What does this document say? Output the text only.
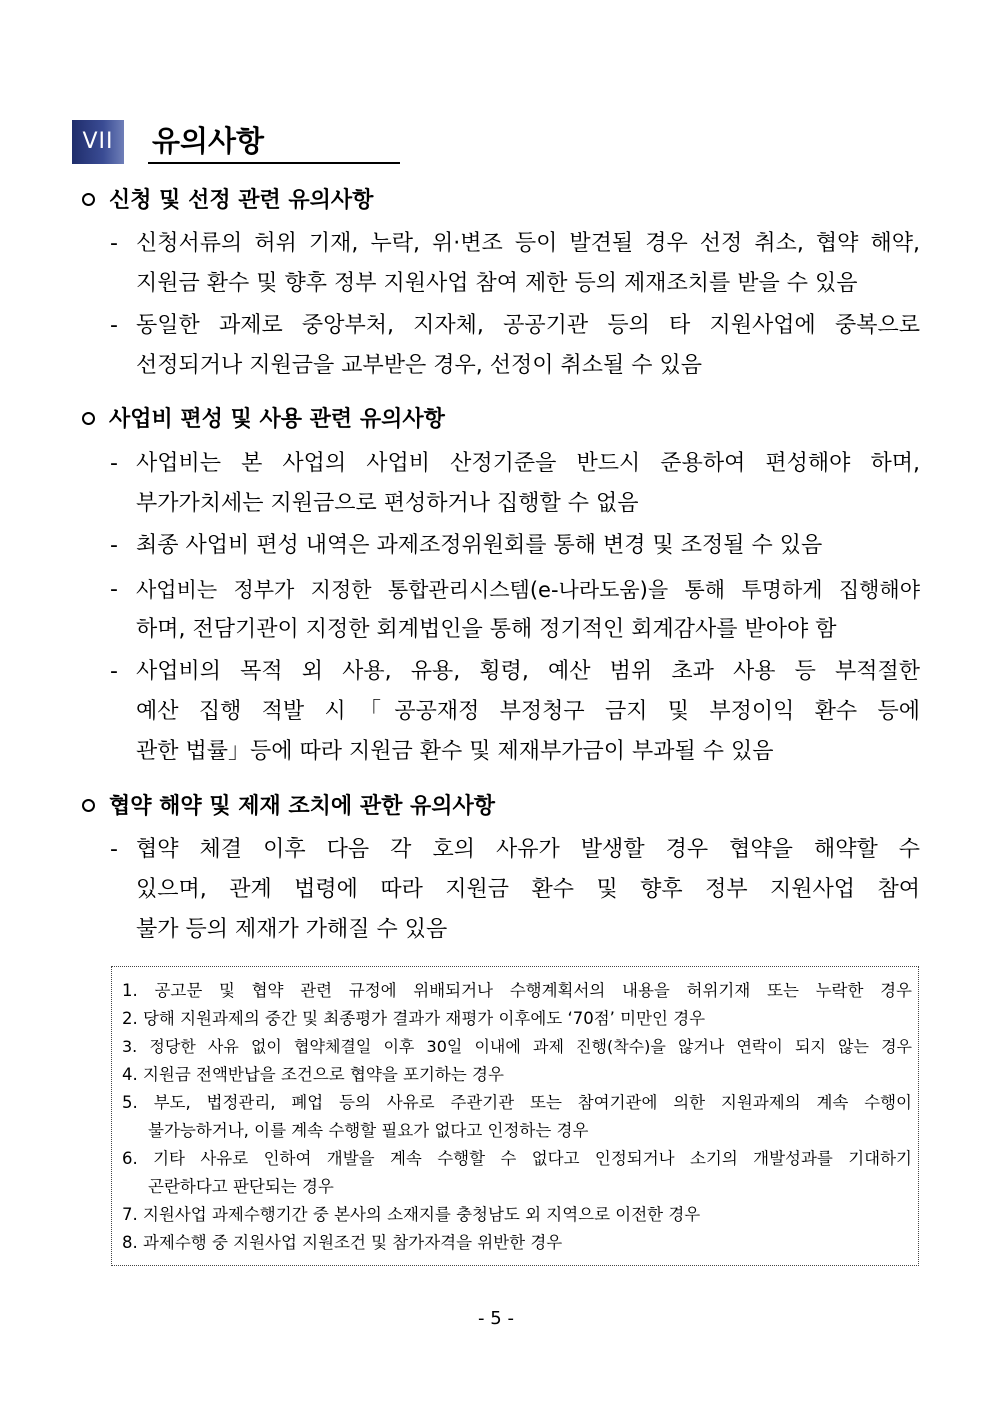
VII	유의사항
신청 및 선정 관련 유의사항
- 신청서류의 허위 기재, 누락, 위·변조 등이 발견될 경우 선정 취소, 협약 해약,
지원금 환수 및 향후 정부 지원사업 참여 제한 등의 제재조치를 받을 수 있음
- 동일한 과제로 중앙부처, 지자체, 공공기관 등의 타 지원사업에 중복으로
선정되거나 지원금을 교부받은 경우, 선정이 취소될 수 있음
사업비 편성 및 사용 관련 유의사항
- 사업비는 본 사업의 사업비 산정기준을 반드시 준용하여 편성해야 하며,
부가가치세는 지원금으로 편성하거나 집행할 수 없음
- 최종 사업비 편성 내역은 과제조정위원회를 통해 변경 및 조정될 수 있음
- 사업비는 정부가 지정한 통합관리시스템(e-나라도움)을 통해 투명하게 집행해야
하며, 전담기관이 지정한 회계법인을 통해 정기적인 회계감사를 받아야 함
- 사업비의 목적 외 사용, 유용, 횡령, 예산 범위 초과 사용 등 부적절한
예산 집행 적발 시「공공재정 부정청구 금지 및 부정이익 환수 등에
관한 법률」등에 따라 지원금 환수 및 제재부가금이 부과될 수 있음
협약 해약 및 제재 조치에 관한 유의사항
- 협약 체결 이후 다음 각 호의 사유가 발생할 경우 협약을 해약할 수
있으며, 관계 법령에 따라 지원금 환수 및 향후 정부 지원사업 참여
불가 등의 제재가 가해질 수 있음
1. 공고문 및 협약 관련 규정에 위배되거나 수행계획서의 내용을 허위기재 또는 누락한 경우
2. 당해 지원과제의 중간 및 최종평가 결과가 재평가 이후에도 ‘70점’ 미만인 경우
3. 정당한 사유 없이 협약체결일 이후 30일 이내에 과제 진행(착수)을 않거나 연락이 되지 않는 경우
4. 지원금 전액반납을 조건으로 협약을 포기하는 경우
5. 부도, 법정관리, 폐업 등의 사유로 주관기관 또는 참여기관에 의한 지원과제의 계속 수행이
불가능하거나, 이를 계속 수행할 필요가 없다고 인정하는 경우
6. 기타 사유로 인하여 개발을 계속 수행할 수 없다고 인정되거나 소기의 개발성과를 기대하기
곤란하다고 판단되는 경우
7. 지원사업 과제수행기간 중 본사의 소재지를 충청남도 외 지역으로 이전한 경우
8. 과제수행 중 지원사업 지원조건 및 참가자격을 위반한 경우
- 5 -
